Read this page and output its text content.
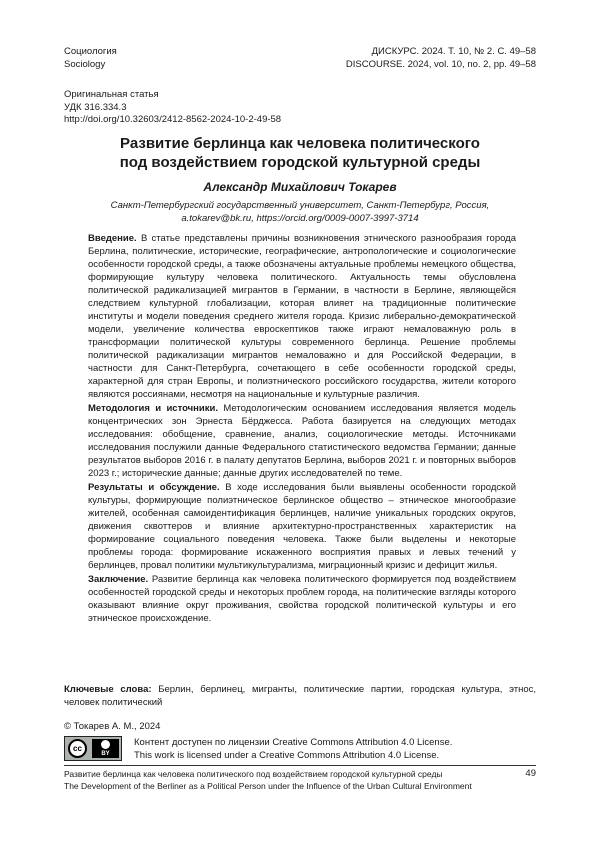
Социология
Sociology
ДИСКУРС. 2024. Т. 10, № 2. С. 49–58
DISCOURSE. 2024, vol. 10, no. 2, pp. 49–58
Оригинальная статья
УДК 316.334.3
http://doi.org/10.32603/2412-8562-2024-10-2-49-58
Развитие берлинца как человека политического
под воздействием городской культурной среды
Александр Михайлович Токарев
Санкт-Петербургский государственный университет, Санкт-Петербург, Россия,
a.tokarev@bk.ru, https://orcid.org/0009-0007-3997-3714

Введение. В статье представлены причины возникновения этнического разнообразия города Берлина, политические, исторические, географические, антропологические и социологические особенности городской среды, а также обозначены актуальные проблемы немецкого общества, формирующие культуру человека политического. Актуальность темы обусловлена политической радикализацией мигрантов в Германии, в частности в Берлине, являющейся следствием культурной глобализации, которая влияет на традиционные политические институты и модели поведения среднего жителя города. Кризис либерально-демократической модели, увеличение количества евроскептиков также играют немаловажную роль в трансформации политической культуры современного берлинца. Решение проблемы политической радикализации мигрантов немаловажно и для Российской Федерации, в частности для Санкт-Петербурга, сочетающего в себе особенности городской среды, характерной для стран Европы, и полиэтнического российского государства, жители которого являются россиянами, несмотря на национальные и культурные различия.

Методология и источники. Методологическим основанием исследования является модель концентрических зон Эрнеста Бёрджесса. Работа базируется на следующих методах исследования: обобщение, сравнение, анализ, социологические методы. Источниками исследования послужили данные Федерального статистического ведомства Германии; данные результатов выборов 2016 г. в палату депутатов Берлина, выборов 2021 г. и повторных выборов 2023 г.; исторические данные; данные других исследователей по теме.

Результаты и обсуждение. В ходе исследования были выявлены особенности городской культуры, формирующие полиэтническое берлинское общество – этническое многообразие жителей, особенная самоидентификация берлинцев, наличие уникальных городских округов, движения сквоттеров и влияние архитектурно-пространственных характеристик на формирование социального поведения человека. Также были выделены и некоторые проблемы города: формирование искаженного восприятия правых и левых течений у берлинцев, провал политики мультикультурализма, миграционный кризис и дефицит жилья.

Заключение. Развитие берлинца как человека политического формируется под воздействием особенностей городской среды и некоторых проблем города, на политические взгляды которого оказывают влияние округ проживания, свойства городской политической культуры и его этническое происхождение.

Ключевые слова: Берлин, берлинец, мигранты, политические партии, городская культура, этнос, человек политический
© Токарев А. М., 2024
cc
BY
Контент доступен по лицензии Creative Commons Attribution 4.0 License.
This work is licensed under a Creative Commons Attribution 4.0 License.
Развитие берлинца как человека политического под воздействием городской культурной среды
The Development of the Berliner as a Political Person under the Influence of the Urban Cultural Environment
49
